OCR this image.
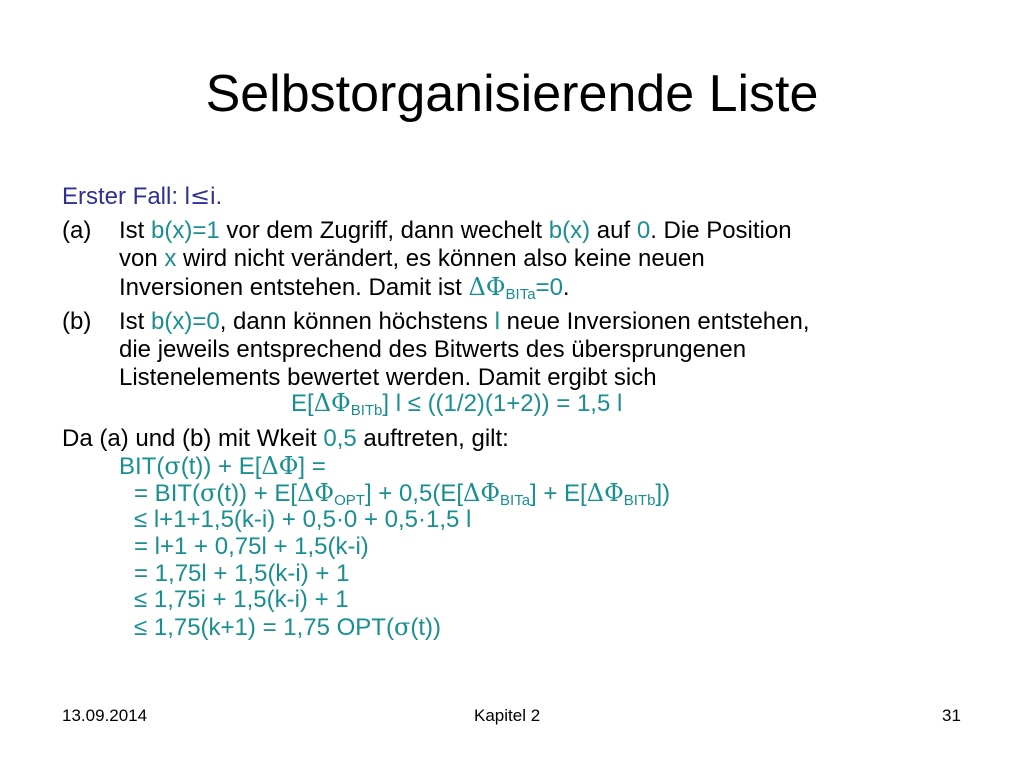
Selbstorganisierende Liste
Erster Fall: l≤i.
(a) Ist b(x)=1 vor dem Zugriff, dann wechelt b(x) auf 0. Die Position
von x wird nicht verändert, es können also keine neuen
Inversionen entstehen. Damit ist $\Delta\Phi_{BITa}=0$.
(b) Ist b(x)=0, dann können höchstens l neue Inversionen entstehen,
die jeweils entsprechend des Bitwerts des übersprungenen
Listenelements bewertet werden. Damit ergibt sich
$E[\Delta\Phi_{BITb}] l \le ((1/2)(1+2)) = 1,5$ l
Da (a) und (b) mit Wkeit 0,5 auftreten, gilt:
BIT(σ(t)) + E[ΔΦ] =
= $BIT(\sigma(t)) + E[\Delta\Phi_{OPT}] + 0,5(E[\Delta\Phi_{BITa}] + E[\Delta\Phi_{BITb}])$
≤ l+1+1,5(k-i) + 0,5·0 + 0,5·1,5 l
= l+1 + 0,75l + 1,5(k-i)
= 1,75l + 1,5(k-i) + 1
≤ 1,75i + 1,5(k-i) + 1
≤ 1,75(k+1) = 1,75 OPT(σ(t))
13.09.2014	Kapitel 2	31
